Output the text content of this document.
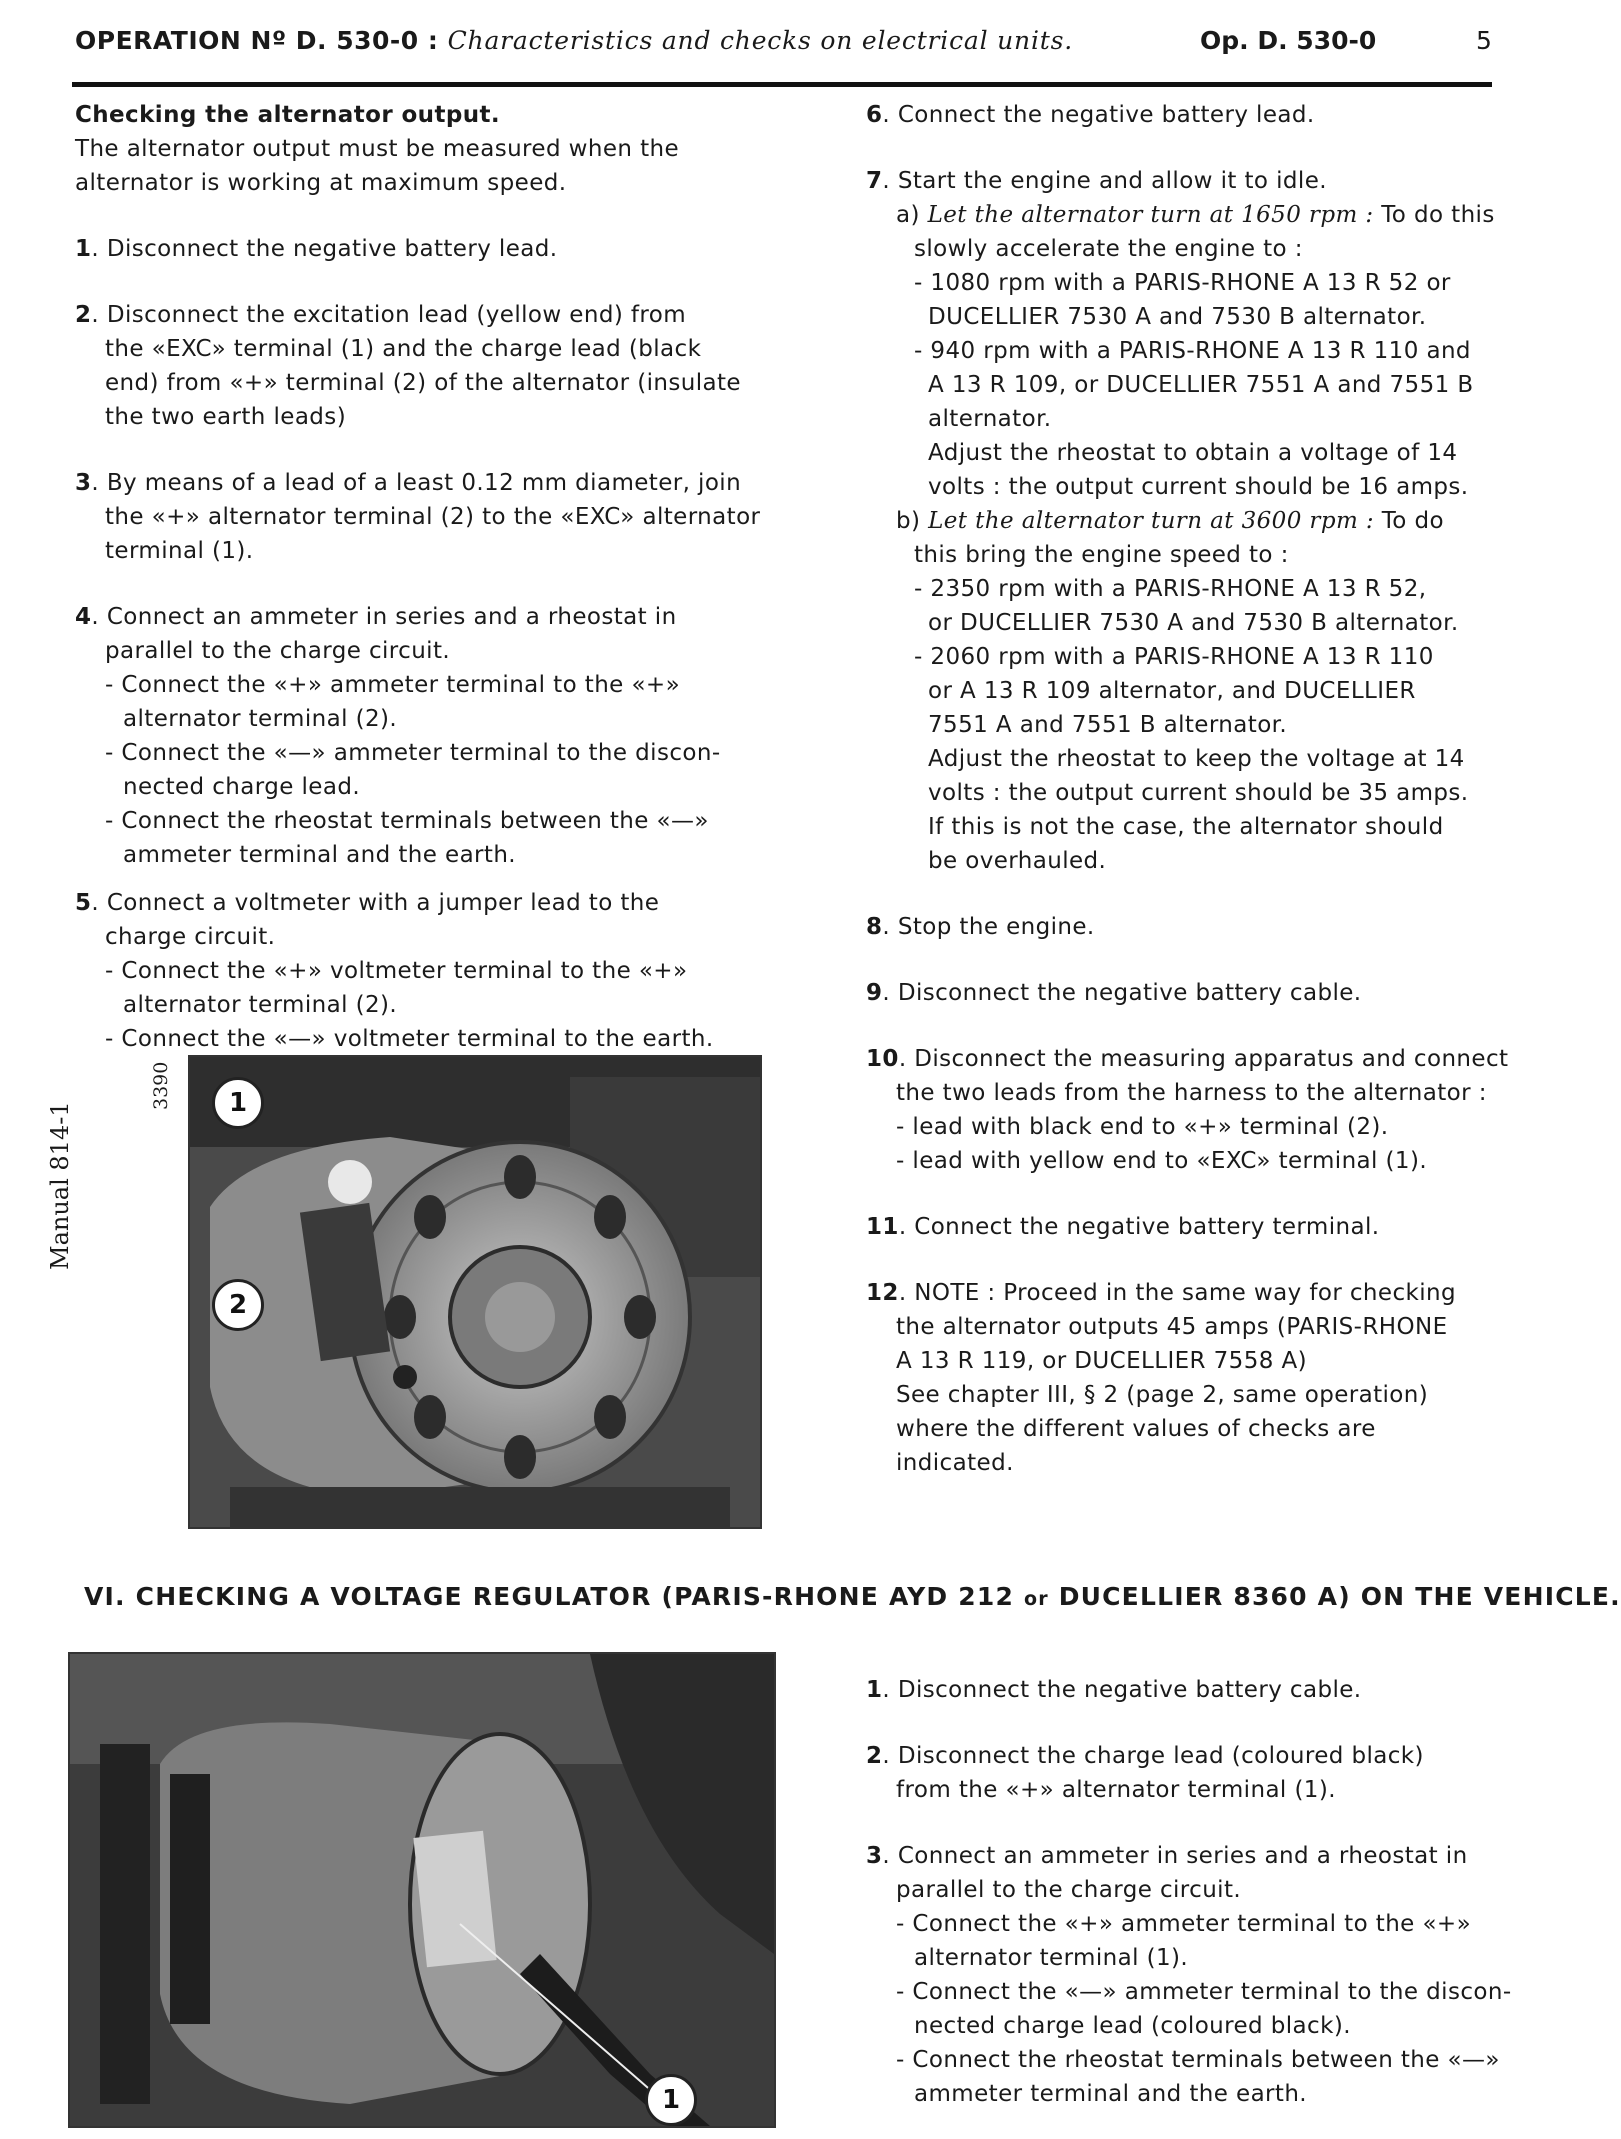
OPERATION Nº D. 530-0 : Characteristics and checks on electrical units.	Op. D. 530-0	5
Manual 814-1

Checking the alternator output.

The alternator output must be measured when the

alternator is working at maximum speed.

1. Disconnect the negative battery lead.

2. Disconnect the excitation lead (yellow end) from

the «EXC» terminal (1) and the charge lead (black

end) from «+» terminal (2) of the alternator (insulate

the two earth leads)

3. By means of a lead of a least 0.12 mm diameter, join

the «+» alternator terminal (2) to the «EXC» alternator

terminal (1).

4. Connect an ammeter in series and a rheostat in

parallel to the charge circuit.

- Connect the «+» ammeter terminal to the «+»

alternator terminal (2).

- Connect the «—» ammeter terminal to the discon-

nected charge lead.

- Connect the rheostat terminals between the «—»

ammeter terminal and the earth.

5. Connect a voltmeter with a jumper lead to the

charge circuit.

- Connect the «+» voltmeter terminal to the «+»

alternator terminal (2).

- Connect the «—» voltmeter terminal to the earth.

3390	1
2

6. Connect the negative battery lead.

7. Start the engine and allow it to idle.

a) Let the alternator turn at 1650 rpm : To do this

slowly accelerate the engine to :

- 1080 rpm with a PARIS-RHONE A 13 R 52 or

DUCELLIER 7530 A and 7530 B alternator.

- 940 rpm with a PARIS-RHONE A 13 R 110 and

A 13 R 109, or DUCELLIER 7551 A and 7551 B

alternator.

Adjust the rheostat to obtain a voltage of 14

volts : the output current should be 16 amps.

b) Let the alternator turn at 3600 rpm : To do

this bring the engine speed to :

- 2350 rpm with a PARIS-RHONE A 13 R 52,

or DUCELLIER 7530 A and 7530 B alternator.

- 2060 rpm with a PARIS-RHONE A 13 R 110

or A 13 R 109 alternator, and DUCELLIER

7551 A and 7551 B alternator.

Adjust the rheostat to keep the voltage at 14

volts : the output current should be 35 amps.

If this is not the case, the alternator should

be overhauled.

8. Stop the engine.

9. Disconnect the negative battery cable.

10. Disconnect the measuring apparatus and connect

the two leads from the harness to the alternator :

- lead with black end to «+» terminal (2).

- lead with yellow end to «EXC» terminal (1).

11. Connect the negative battery terminal.

12. NOTE : Proceed in the same way for checking

the alternator outputs 45 amps (PARIS-RHONE

A 13 R 119, or DUCELLIER 7558 A)

See chapter III, § 2 (page 2, same operation)

where the different values of checks are

indicated.

VI. CHECKING A VOLTAGE REGULATOR (PARIS-RHONE AYD 212 or DUCELLIER 8360 A) ON THE VEHICLE.
1

1. Disconnect the negative battery cable.

2. Disconnect the charge lead (coloured black)

from the «+» alternator terminal (1).

3. Connect an ammeter in series and a rheostat in

parallel to the charge circuit.

- Connect the «+» ammeter terminal to the «+»

alternator terminal (1).

- Connect the «—» ammeter terminal to the discon-

nected charge lead (coloured black).

- Connect the rheostat terminals between the «—»

ammeter terminal and the earth.
